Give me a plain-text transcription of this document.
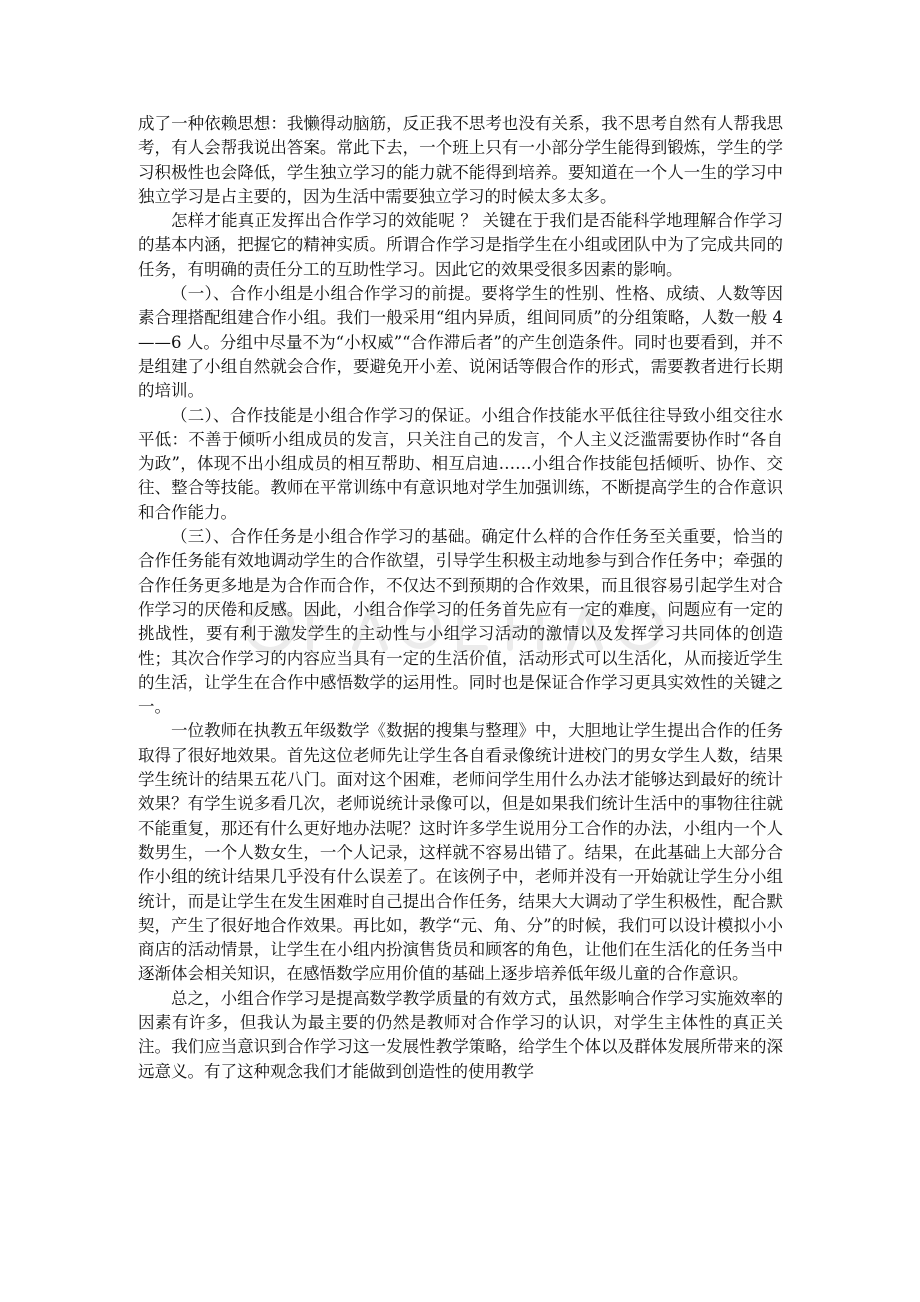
成了一种依赖思想：我懒得动脑筋，反正我不思考也没有关系，我不思考自然有人帮我思考，有人会帮我说出答案。常此下去，一个班上只有一小部分学生能得到锻炼，学生的学习积极性也会降低，学生独立学习的能力就不能得到培养。要知道在一个人一生的学习中独立学习是占主要的，因为生活中需要独立学习的时候太多太多。

怎样才能真正发挥出合作学习的效能呢 ？ 关键在于我们是否能科学地理解合作学习的基本内涵，把握它的精神实质。所谓合作学习是指学生在小组或团队中为了完成共同的任务，有明确的责任分工的互助性学习。因此它的效果受很多因素的影响。

（一）、合作小组是小组合作学习的前提。要将学生的性别、性格、成绩、人数等因素合理搭配组建合作小组。我们一般采用“组内异质，组间同质”的分组策略，人数一般 4——6 人。分组中尽量不为“小权威”“合作滞后者”的产生创造条件。同时也要看到，并不是组建了小组自然就会合作，要避免开小差、说闲话等假合作的形式，需要教者进行长期的培训。

（二）、合作技能是小组合作学习的保证。小组合作技能水平低往往导致小组交往水平低：不善于倾听小组成员的发言，只关注自己的发言，个人主义泛滥需要协作时“各自为政”，体现不出小组成员的相互帮助、相互启迪……小组合作技能包括倾听、协作、交往、整合等技能。教师在平常训练中有意识地对学生加强训练，不断提高学生的合作意识和合作能力。

（三）、合作任务是小组合作学习的基础。确定什么样的合作任务至关重要，恰当的合作任务能有效地调动学生的合作欲望，引导学生积极主动地参与到合作任务中；牵强的合作任务更多地是为合作而合作，不仅达不到预期的合作效果，而且很容易引起学生对合作学习的厌倦和反感。因此，小组合作学习的任务首先应有一定的难度，问题应有一定的挑战性，要有利于激发学生的主动性与小组学习活动的激情以及发挥学习共同体的创造性；其次合作学习的内容应当具有一定的生活价值，活动形式可以生活化，从而接近学生的生活，让学生在合作中感悟数学的运用性。同时也是保证合作学习更具实效性的关键之一。

一位教师在执教五年级数学《数据的搜集与整理》中，大胆地让学生提出合作的任务取得了很好地效果。首先这位老师先让学生各自看录像统计进校门的男女学生人数，结果学生统计的结果五花八门。面对这个困难，老师问学生用什么办法才能够达到最好的统计效果？有学生说多看几次，老师说统计录像可以，但是如果我们统计生活中的事物往往就不能重复，那还有什么更好地办法呢？这时许多学生说用分工合作的办法，小组内一个人数男生，一个人数女生，一个人记录，这样就不容易出错了。结果，在此基础上大部分合作小组的统计结果几乎没有什么误差了。在该例子中，老师并没有一开始就让学生分小组统计，而是让学生在发生困难时自己提出合作任务，结果大大调动了学生积极性，配合默契，产生了很好地合作效果。再比如，教学“元、角、分”的时候，我们可以设计模拟小小商店的活动情景，让学生在小组内扮演售货员和顾客的角色，让他们在生活化的任务当中逐渐体会相关知识，在感悟数学应用价值的基础上逐步培养低年级儿童的合作意识。

总之，小组合作学习是提高数学教学质量的有效方式，虽然影响合作学习实施效率的因素有许多，但我认为最主要的仍然是教师对合作学习的认识，对学生主体性的真正关注。我们应当意识到合作学习这一发展性教学策略，给学生个体以及群体发展所带来的深远意义。有了这种观念我们才能做到创造性的使用教学
